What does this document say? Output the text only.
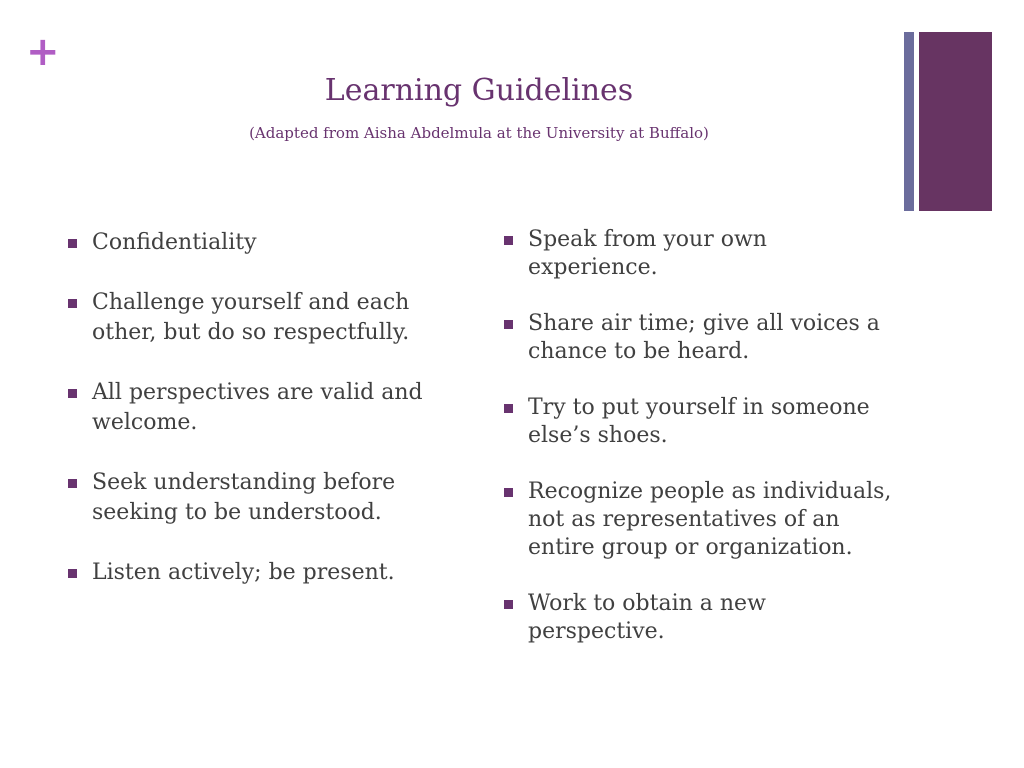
+
Learning Guidelines
(Adapted from Aisha Abdelmula at the University at Buffalo)
Confidentiality
Challenge yourself and each other, but do so respectfully.
All perspectives are valid and welcome.
Seek understanding before seeking to be understood.
Listen actively; be present.
Speak from your own experience.
Share air time; give all voices a chance to be heard.
Try to put yourself in someone else’s shoes.
Recognize people as individuals, not as representatives of an entire group or organization.
Work to obtain a new perspective.
